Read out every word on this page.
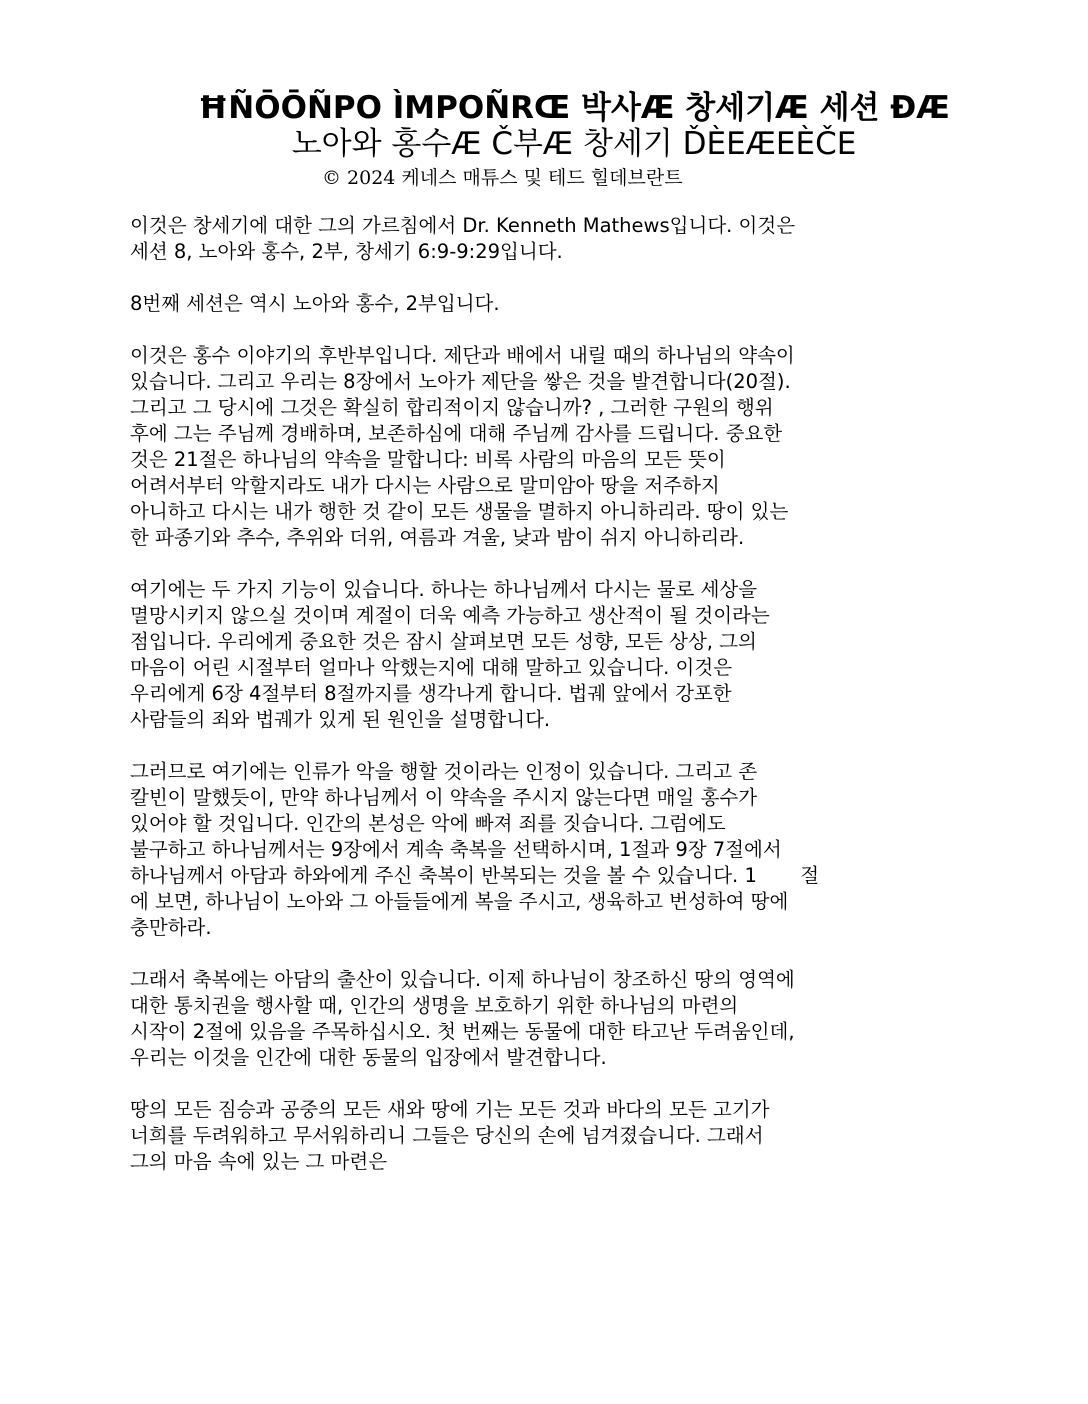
ĦÑŌŌÑPO ÌMPOÑRŒ 박사Æ 창세기Æ 세션 ĐÆ
노아와 홍수Æ Č부Æ 창세기 ĎÈEÆEÈČE
© 2024 케네스 매튜스 및 테드 힐데브란트
이것은 창세기에 대한 그의 가르침에서 Dr. Kenneth Mathews입니다. 이것은
세션 8, 노아와 홍수, 2부, 창세기 6:9-9:29입니다.
8번째 세션은 역시 노아와 홍수, 2부입니다.
이것은 홍수 이야기의 후반부입니다. 제단과 배에서 내릴 때의 하나님의 약속이
있습니다. 그리고 우리는 8장에서 노아가 제단을 쌓은 것을 발견합니다(20절).
그리고 그 당시에 그것은 확실히 합리적이지 않습니까? , 그러한 구원의 행위
후에 그는 주님께 경배하며, 보존하심에 대해 주님께 감사를 드립니다. 중요한
것은 21절은 하나님의 약속을 말합니다: 비록 사람의 마음의 모든 뜻이
어려서부터 악할지라도 내가 다시는 사람으로 말미암아 땅을 저주하지
아니하고 다시는 내가 행한 것 같이 모든 생물을 멸하지 아니하리라. 땅이 있는
한 파종기와 추수, 추위와 더위, 여름과 겨울, 낮과 밤이 쉬지 아니하리라.
여기에는 두 가지 기능이 있습니다. 하나는 하나님께서 다시는 물로 세상을
멸망시키지 않으실 것이며 계절이 더욱 예측 가능하고 생산적이 될 것이라는
점입니다. 우리에게 중요한 것은 잠시 살펴보면 모든 성향, 모든 상상, 그의
마음이 어린 시절부터 얼마나 악했는지에 대해 말하고 있습니다. 이것은
우리에게 6장 4절부터 8절까지를 생각나게 합니다. 법궤 앞에서 강포한
사람들의 죄와 법궤가 있게 된 원인을 설명합니다.
그러므로 여기에는 인류가 악을 행할 것이라는 인정이 있습니다. 그리고 존
칼빈이 말했듯이, 만약 하나님께서 이 약속을 주시지 않는다면 매일 홍수가
있어야 할 것입니다. 인간의 본성은 악에 빠져 죄를 짓습니다. 그럼에도
불구하고 하나님께서는 9장에서 계속 축복을 선택하시며, 1절과 9장 7절에서
하나님께서 아담과 하와에게 주신 축복이 반복되는 것을 볼 수 있습니다. 1       절
에 보면, 하나님이 노아와 그 아들들에게 복을 주시고, 생육하고 번성하여 땅에
충만하라.
그래서 축복에는 아담의 출산이 있습니다. 이제 하나님이 창조하신 땅의 영역에
대한 통치권을 행사할 때, 인간의 생명을 보호하기 위한 하나님의 마련의
시작이 2절에 있음을 주목하십시오. 첫 번째는 동물에 대한 타고난 두려움인데,
우리는 이것을 인간에 대한 동물의 입장에서 발견합니다.
땅의 모든 짐승과 공중의 모든 새와 땅에 기는 모든 것과 바다의 모든 고기가
너희를 두려워하고 무서워하리니 그들은 당신의 손에 넘겨졌습니다. 그래서
그의 마음 속에 있는 그 마련은
